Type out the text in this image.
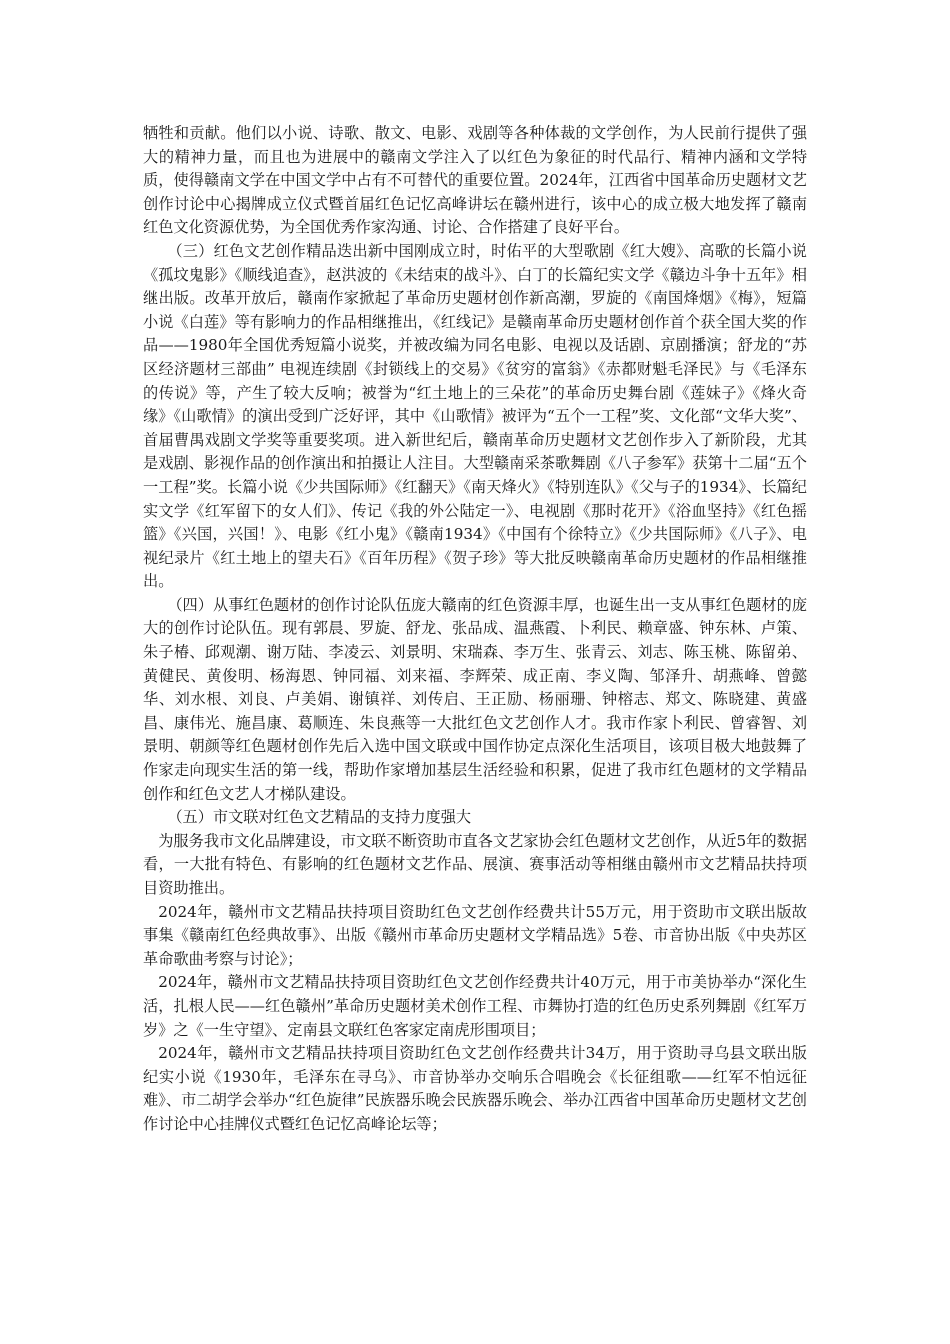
牺牲和贡献。他们以小说、诗歌、散文、电影、戏剧等各种体裁的文学创作，为人民前行提供了强大的精神力量，而且也为进展中的赣南文学注入了以红色为象征的时代品行、精神内涵和文学特质，使得赣南文学在中国文学中占有不可替代的重要位置。2024年，江西省中国革命历史题材文艺创作讨论中心揭牌成立仪式暨首届红色记忆高峰讲坛在赣州进行，该中心的成立极大地发挥了赣南红色文化资源优势，为全国优秀作家沟通、讨论、合作搭建了良好平台。

（三）红色文艺创作精品迭出新中国刚成立时，时佑平的大型歌剧《红大嫂》、高歌的长篇小说《孤坟鬼影》《顺线追查》，赵洪波的《未结束的战斗》、白丁的长篇纪实文学《赣边斗争十五年》相继出版。改革开放后，赣南作家掀起了革命历史题材创作新高潮，罗旋的《南国烽烟》《梅》，短篇小说《白莲》等有影响力的作品相继推出，《红线记》是赣南革命历史题材创作首个获全国大奖的作品——1980年全国优秀短篇小说奖，并被改编为同名电影、电视以及话剧、京剧播演；舒龙的“苏区经济题材三部曲” 电视连续剧《封锁线上的交易》《贫穷的富翁》《赤都财魁毛泽民》与《毛泽东的传说》等，产生了较大反响；被誉为“红土地上的三朵花”的革命历史舞台剧《莲妹子》《烽火奇缘》《山歌情》的演出受到广泛好评，其中《山歌情》被评为“五个一工程”奖、文化部“文华大奖”、首届曹禺戏剧文学奖等重要奖项。进入新世纪后，赣南革命历史题材文艺创作步入了新阶段，尤其是戏剧、影视作品的创作演出和拍摄让人注目。大型赣南采茶歌舞剧《八子参军》获第十二届“五个一工程”奖。长篇小说《少共国际师》《红翻天》《南天烽火》《特别连队》《父与子的1934》、长篇纪实文学《红军留下的女人们》、传记《我的外公陆定一》、电视剧《那时花开》《浴血坚持》《红色摇篮》《兴国，兴国！》、电影《红小鬼》《赣南1934》《中国有个徐特立》《少共国际师》《八子》、电视纪录片《红土地上的望夫石》《百年历程》《贺子珍》等大批反映赣南革命历史题材的作品相继推出。

（四）从事红色题材的创作讨论队伍庞大赣南的红色资源丰厚，也诞生出一支从事红色题材的庞大的创作讨论队伍。现有郭晨、罗旋、舒龙、张品成、温燕霞、卜利民、赖章盛、钟东林、卢策、朱子椿、邱观潮、谢万陆、李凌云、刘景明、宋瑞森、李万生、张青云、刘志、陈玉桃、陈留弟、黄健民、黄俊明、杨海恩、钟同福、刘来福、李辉荣、成正南、李义陶、邹泽升、胡燕峰、曾懿华、刘水根、刘良、卢美娟、谢镇祥、刘传启、王正励、杨丽珊、钟榕志、郑文、陈晓建、黄盛昌、康伟光、施昌康、葛顺连、朱良燕等一大批红色文艺创作人才。我市作家卜利民、曾睿智、刘景明、朝颜等红色题材创作先后入选中国文联或中国作协定点深化生活项目，该项目极大地鼓舞了作家走向现实生活的第一线，帮助作家增加基层生活经验和积累，促进了我市红色题材的文学精品创作和红色文艺人才梯队建设。

（五）市文联对红色文艺精品的支持力度强大

为服务我市文化品牌建设，市文联不断资助市直各文艺家协会红色题材文艺创作，从近5年的数据看，一大批有特色、有影响的红色题材文艺作品、展演、赛事活动等相继由赣州市文艺精品扶持项目资助推出。

2024年，赣州市文艺精品扶持项目资助红色文艺创作经费共计55万元，用于资助市文联出版故事集《赣南红色经典故事》、出版《赣州市革命历史题材文学精品选》5卷、市音协出版《中央苏区革命歌曲考察与讨论》；

2024年，赣州市文艺精品扶持项目资助红色文艺创作经费共计40万元，用于市美协举办“深化生活，扎根人民——红色赣州”革命历史题材美术创作工程、市舞协打造的红色历史系列舞剧《红军万岁》之《一生守望》、定南县文联红色客家定南虎形围项目；

2024年，赣州市文艺精品扶持项目资助红色文艺创作经费共计34万，用于资助寻乌县文联出版纪实小说《1930年，毛泽东在寻乌》、市音协举办交响乐合唱晚会《长征组歌——红军不怕远征难》、市二胡学会举办“红色旋律”民族器乐晚会民族器乐晚会、举办江西省中国革命历史题材文艺创作讨论中心挂牌仪式暨红色记忆高峰论坛等；
